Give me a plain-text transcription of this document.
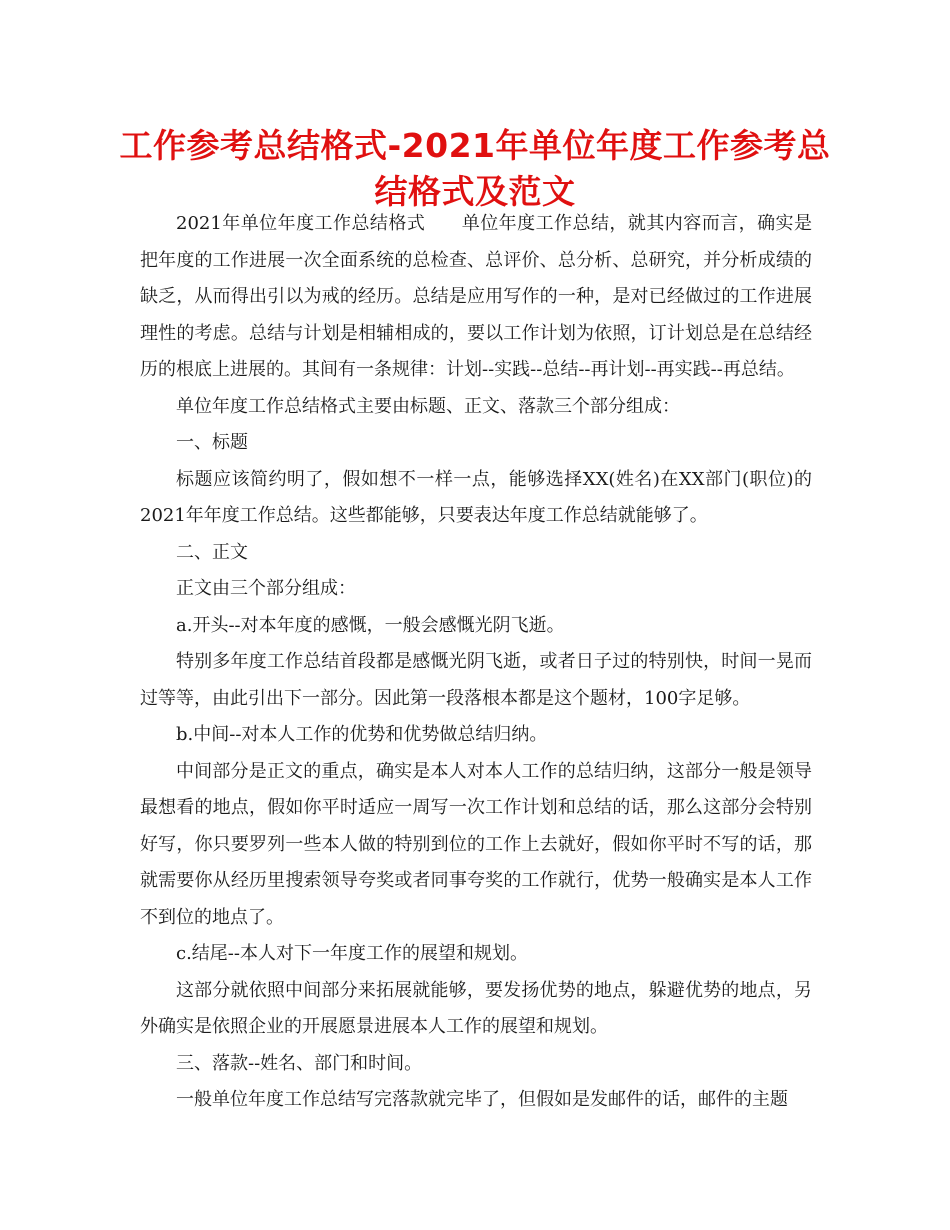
工作参考总结格式-2021年单位年度工作参考总
结格式及范文

2021年单位年度工作总结格式 单位年度工作总结，就其内容而言，确实是把年度的工作进展一次全面系统的总检查、总评价、总分析、总研究，并分析成绩的缺乏，从而得出引以为戒的经历。总结是应用写作的一种，是对已经做过的工作进展理性的考虑。总结与计划是相辅相成的，要以工作计划为依照，订计划总是在总结经历的根底上进展的。其间有一条规律：计划--实践--总结--再计划--再实践--再总结。

单位年度工作总结格式主要由标题、正文、落款三个部分组成：

一、标题

标题应该简约明了，假如想不一样一点，能够选择XX(姓名)在XX部门(职位)的2021年年度工作总结。这些都能够，只要表达年度工作总结就能够了。

二、正文

正文由三个部分组成：

a.开头--对本年度的感慨，一般会感慨光阴飞逝。

特别多年度工作总结首段都是感慨光阴飞逝，或者日子过的特别快，时间一晃而过等等，由此引出下一部分。因此第一段落根本都是这个题材，100字足够。

b.中间--对本人工作的优势和优势做总结归纳。

中间部分是正文的重点，确实是本人对本人工作的总结归纳，这部分一般是领导最想看的地点，假如你平时适应一周写一次工作计划和总结的话，那么这部分会特别好写，你只要罗列一些本人做的特别到位的工作上去就好，假如你平时不写的话，那就需要你从经历里搜索领导夸奖或者同事夸奖的工作就行，优势一般确实是本人工作不到位的地点了。

c.结尾--本人对下一年度工作的展望和规划。

这部分就依照中间部分来拓展就能够，要发扬优势的地点，躲避优势的地点，另外确实是依照企业的开展愿景进展本人工作的展望和规划。

三、落款--姓名、部门和时间。

一般单位年度工作总结写完落款就完毕了，但假如是发邮件的话，邮件的主题
